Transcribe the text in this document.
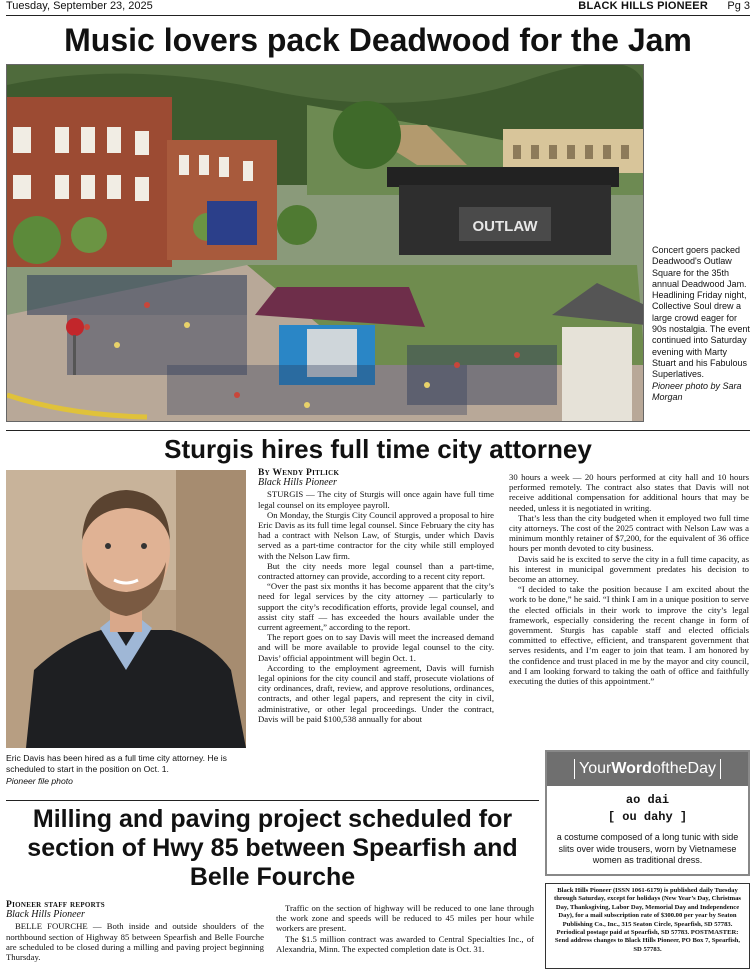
Tuesday, September 23, 2025	BLACK HILLS PIONEER Pg 3
Music lovers pack Deadwood for the Jam
OUTLAW
Concert goers packed Deadwood's Outlaw Square for the 35th annual Deadwood Jam. Headlining Friday night, Collective Soul drew a large crowd eager for 90s nostalgia. The event continued into Saturday evening with Marty Stuart and his Fabulous Superlatives.
Pioneer photo by Sara Morgan
Sturgis hires full time city attorney
Eric Davis has been hired as a full time city attorney. He is scheduled to start in the position on Oct. 1.
Pioneer file photo
By Wendy Pitlick
Black Hills Pioneer

STURGIS — The city of Sturgis will once again have full time legal counsel on its employee payroll.

On Monday, the Sturgis City Council approved a proposal to hire Eric Davis as its full time legal counsel. Since February the city has had a contract with Nelson Law, of Sturgis, under which Davis served as a part-time contractor for the city while still employed with the Nelson Law firm.

But the city needs more legal counsel than a part-time, contracted attorney can provide, according to a recent city report.

“Over the past six months it has become apparent that the city’s need for legal services by the city attorney — particularly to support the city’s recodification efforts, provide legal counsel, and assist city staff — has exceeded the hours available under the current agreement,” according to the report.

The report goes on to say Davis will meet the increased demand and will be more available to provide legal counsel to the city. Davis’ official appointment will begin Oct. 1.

According to the employment agreement, Davis will furnish legal opinions for the city council and staff, prosecute violations of city ordinances, draft, review, and approve resolutions, ordinances, contracts, and other legal papers, and represent the city in civil, administrative, or other legal proceedings. Under the contract, Davis will be paid $100,538 annually for about

30 hours a week — 20 hours performed at city hall and 10 hours performed remotely. The contract also states that Davis will not receive additional compensation for additional hours that may be needed, unless it is negotiated in writing.

That’s less than the city budgeted when it employed two full time city attorneys. The cost of the 2025 contract with Nelson Law was a minimum monthly retainer of $7,200, for the equivalent of 36 office hours per month devoted to city business.

Davis said he is excited to serve the city in a full time capacity, as his interest in municipal government predates his decision to become an attorney.

“I decided to take the position because I am excited about the work to be done,” he said. “I think I am in a unique position to serve the elected officials in their work to improve the city’s legal framework, especially considering the recent change in form of government. Sturgis has capable staff and elected officials committed to effective, efficient, and transparent government that serves residents, and I’m eager to join that team. I am honored by the confidence and trust placed in me by the mayor and city council, and I am looking forward to taking the oath of office and faithfully executing the duties of this appointment.”

YourWordoftheDay
ao dai
[ ou dahy ]
a costume composed of a long tunic with side slits over wide trousers, worn by Vietnamese women as traditional dress.
Milling and paving project scheduled for section of Hwy 85 between Spearfish and Belle Fourche
Pioneer staff reports
Black Hills Pioneer

BELLE FOURCHE — Both inside and outside shoulders of the northbound section of Highway 85 between Spearfish and Belle Fourche are scheduled to be closed during a milling and paving project beginning Thursday.

Traffic on the section of highway will be reduced to one lane through the work zone and speeds will be reduced to 45 miles per hour while workers are present.

The $1.5 million contract was awarded to Central Specialties Inc., of Alexandria, Minn. The expected completion date is Oct. 31.

Black Hills Pioneer (ISSN 1061-6179) is published daily Tuesday through Saturday, except for holidays (New Year’s Day, Christmas Day, Thanksgiving, Labor Day, Memorial Day and Independence Day), for a mail subscription rate of $300.00 per year by Seaton Publishing Co., Inc., 315 Seaton Circle, Spearfish, SD 57783. Periodical postage paid at Spearfish, SD 57783. POSTMASTER: Send address changes to Black Hills Pioneer, PO Box 7, Spearfish, SD 57783.
